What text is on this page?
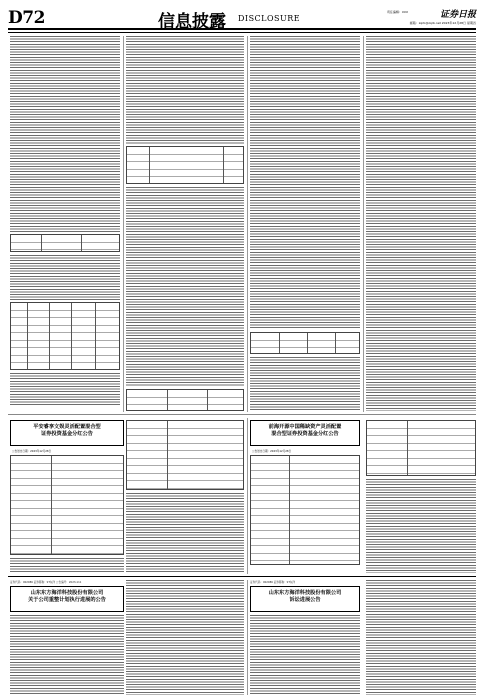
D72	信息披露 DISCLOSURE
责任编辑：XXX	证券日报
邮箱：zqrb@zqrb.net 2023年12月28日 星期四
平安睿享文娱灵活配置混合型
证券投资基金分红公告
公告送出日期：2023年12月28日
前海开源中国稀缺资产灵活配置
混合型证券投资基金分红公告
公告送出日期：2023年12月28日
证券代码：002086 证券简称：ST东洋 公告编号：2023-111
山东东方海洋科技股份有限公司
关于公司重整计划执行进展的公告
证券代码：002086 证券简称：ST东洋
山东东方海洋科技股份有限公司
诉讼进展公告
